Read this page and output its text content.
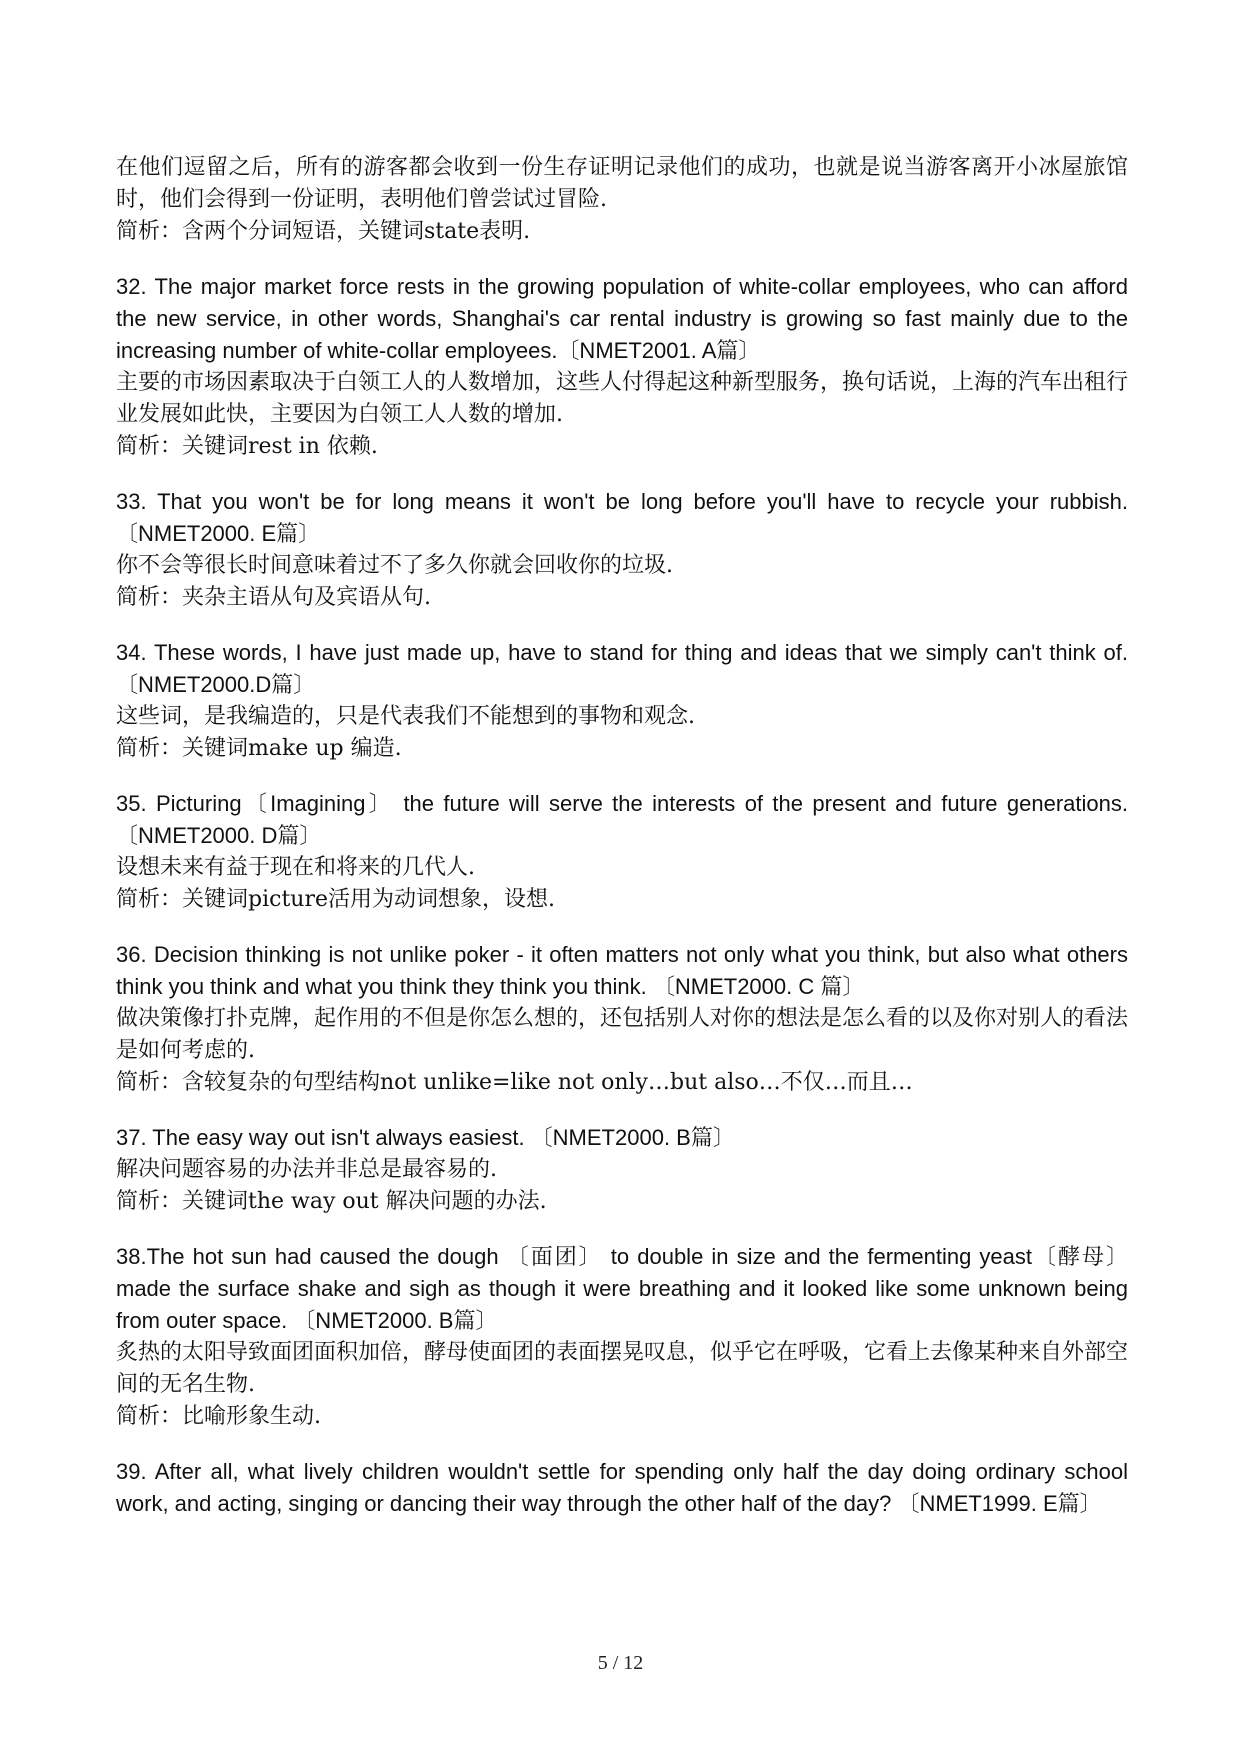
在他们逗留之后，所有的游客都会收到一份生存证明记录他们的成功，也就是说当游客离开小冰屋旅馆时，他们会得到一份证明，表明他们曾尝试过冒险.

简析：含两个分词短语，关键词state表明.

32. The major market force rests in the growing population of white-collar employees, who can afford the new service, in other words, Shanghai's car rental industry is growing so fast mainly due to the increasing number of white-collar employees.〔NMET2001. A篇〕

主要的市场因素取决于白领工人的人数增加，这些人付得起这种新型服务，换句话说，上海的汽车出租行业发展如此快，主要因为白领工人人数的增加.

简析：关键词rest in 依赖.

33. That you won't be for long means it won't be long before you'll have to recycle your rubbish. 〔NMET2000. E篇〕

你不会等很长时间意味着过不了多久你就会回收你的垃圾.

简析：夹杂主语从句及宾语从句.

34. These words, I have just made up, have to stand for thing and ideas that we simply can't think of. 〔NMET2000.D篇〕

这些词，是我编造的，只是代表我们不能想到的事物和观念.

简析：关键词make up 编造.

35. Picturing〔Imagining〕 the future will serve the interests of the present and future generations. 〔NMET2000. D篇〕

设想未来有益于现在和将来的几代人.

简析：关键词picture活用为动词想象，设想.

36. Decision thinking is not unlike poker - it often matters not only what you think, but also what others think you think and what you think they think you think. 〔NMET2000. C 篇〕

做决策像打扑克牌，起作用的不但是你怎么想的，还包括别人对你的想法是怎么看的以及你对别人的看法是如何考虑的.

简析：含较复杂的句型结构not unlike=like not only…but also…不仅…而且…

37. The easy way out isn't always easiest. 〔NMET2000. B篇〕

解决问题容易的办法并非总是最容易的.

简析：关键词the way out 解决问题的办法.

38.The hot sun had caused the dough 〔面团〕 to double in size and the fermenting yeast〔酵母〕 made the surface shake and sigh as though it were breathing and it looked like some unknown being from outer space. 〔NMET2000. B篇〕

炙热的太阳导致面团面积加倍，酵母使面团的表面摆晃叹息，似乎它在呼吸，它看上去像某种来自外部空间的无名生物.

简析：比喻形象生动.

39. After all, what lively children wouldn't settle for spending only half the day doing ordinary school work, and acting, singing or dancing their way through the other half of the day? 〔NMET1999. E篇〕

5 / 12
